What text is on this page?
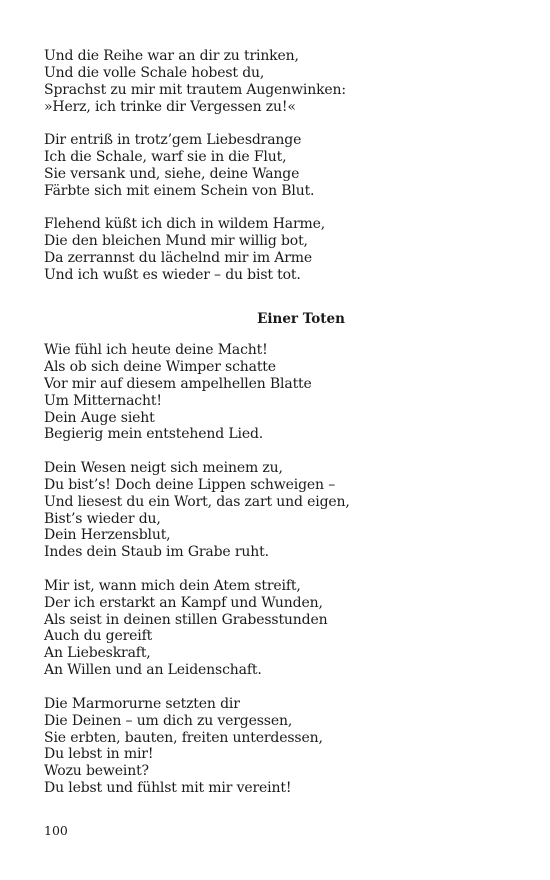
Und die Reihe war an dir zu trinken,
Und die volle Schale hobest du,
Sprachst zu mir mit trautem Augenwinken:
»Herz, ich trinke dir Vergessen zu!«
Dir entriß in trotz’gem Liebesdrange
Ich die Schale, warf sie in die Flut,
Sie versank und, siehe, deine Wange
Färbte sich mit einem Schein von Blut.
Flehend küßt ich dich in wildem Harme,
Die den bleichen Mund mir willig bot,
Da zerrannst du lächelnd mir im Arme
Und ich wußt es wieder – du bist tot.
Einer Toten
Wie fühl ich heute deine Macht!
Als ob sich deine Wimper schatte
Vor mir auf diesem ampelhellen Blatte
Um Mitternacht!
Dein Auge sieht
Begierig mein entstehend Lied.
Dein Wesen neigt sich meinem zu,
Du bist’s! Doch deine Lippen schweigen –
Und liesest du ein Wort, das zart und eigen,
Bist’s wieder du,
Dein Herzensblut,
Indes dein Staub im Grabe ruht.
Mir ist, wann mich dein Atem streift,
Der ich erstarkt an Kampf und Wunden,
Als seist in deinen stillen Grabesstunden
Auch du gereift
An Liebeskraft,
An Willen und an Leidenschaft.
Die Marmorurne setzten dir
Die Deinen – um dich zu vergessen,
Sie erbten, bauten, freiten unterdessen,
Du lebst in mir!
Wozu beweint?
Du lebst und fühlst mit mir vereint!
100
